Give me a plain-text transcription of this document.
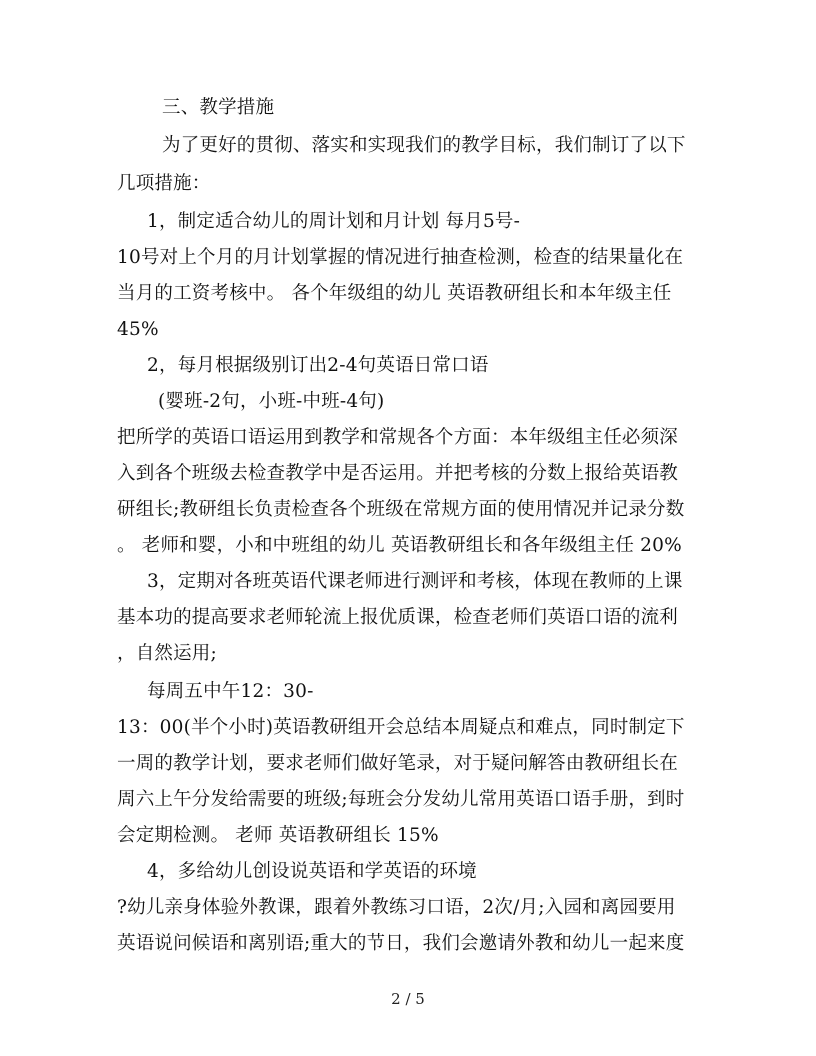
三、教学措施
为了更好的贯彻、落实和实现我们的教学目标，我们制订了以下
几项措施：
1，制定适合幼儿的周计划和月计划 每月5号-
10号对上个月的月计划掌握的情况进行抽查检测，检查的结果量化在
当月的工资考核中。 各个年级组的幼儿 英语教研组长和本年级主任
45%
2，每月根据级别订出2-4句英语日常口语
(婴班-2句，小班-中班-4句)
把所学的英语口语运用到教学和常规各个方面：本年级组主任必须深
入到各个班级去检查教学中是否运用。并把考核的分数上报给英语教
研组长;教研组长负责检查各个班级在常规方面的使用情况并记录分数
。 老师和婴，小和中班组的幼儿 英语教研组长和各年级组主任 20%
3，定期对各班英语代课老师进行测评和考核，体现在教师的上课
基本功的提高要求老师轮流上报优质课，检查老师们英语口语的流利
，自然运用;
每周五中午12：30-
13：00(半个小时)英语教研组开会总结本周疑点和难点，同时制定下
一周的教学计划，要求老师们做好笔录，对于疑问解答由教研组长在
周六上午分发给需要的班级;每班会分发幼儿常用英语口语手册，到时
会定期检测。 老师 英语教研组长 15%
4，多给幼儿创设说英语和学英语的环境
?幼儿亲身体验外教课，跟着外教练习口语，2次/月;入园和离园要用
英语说问候语和离别语;重大的节日，我们会邀请外教和幼儿一起来度
2 / 5
